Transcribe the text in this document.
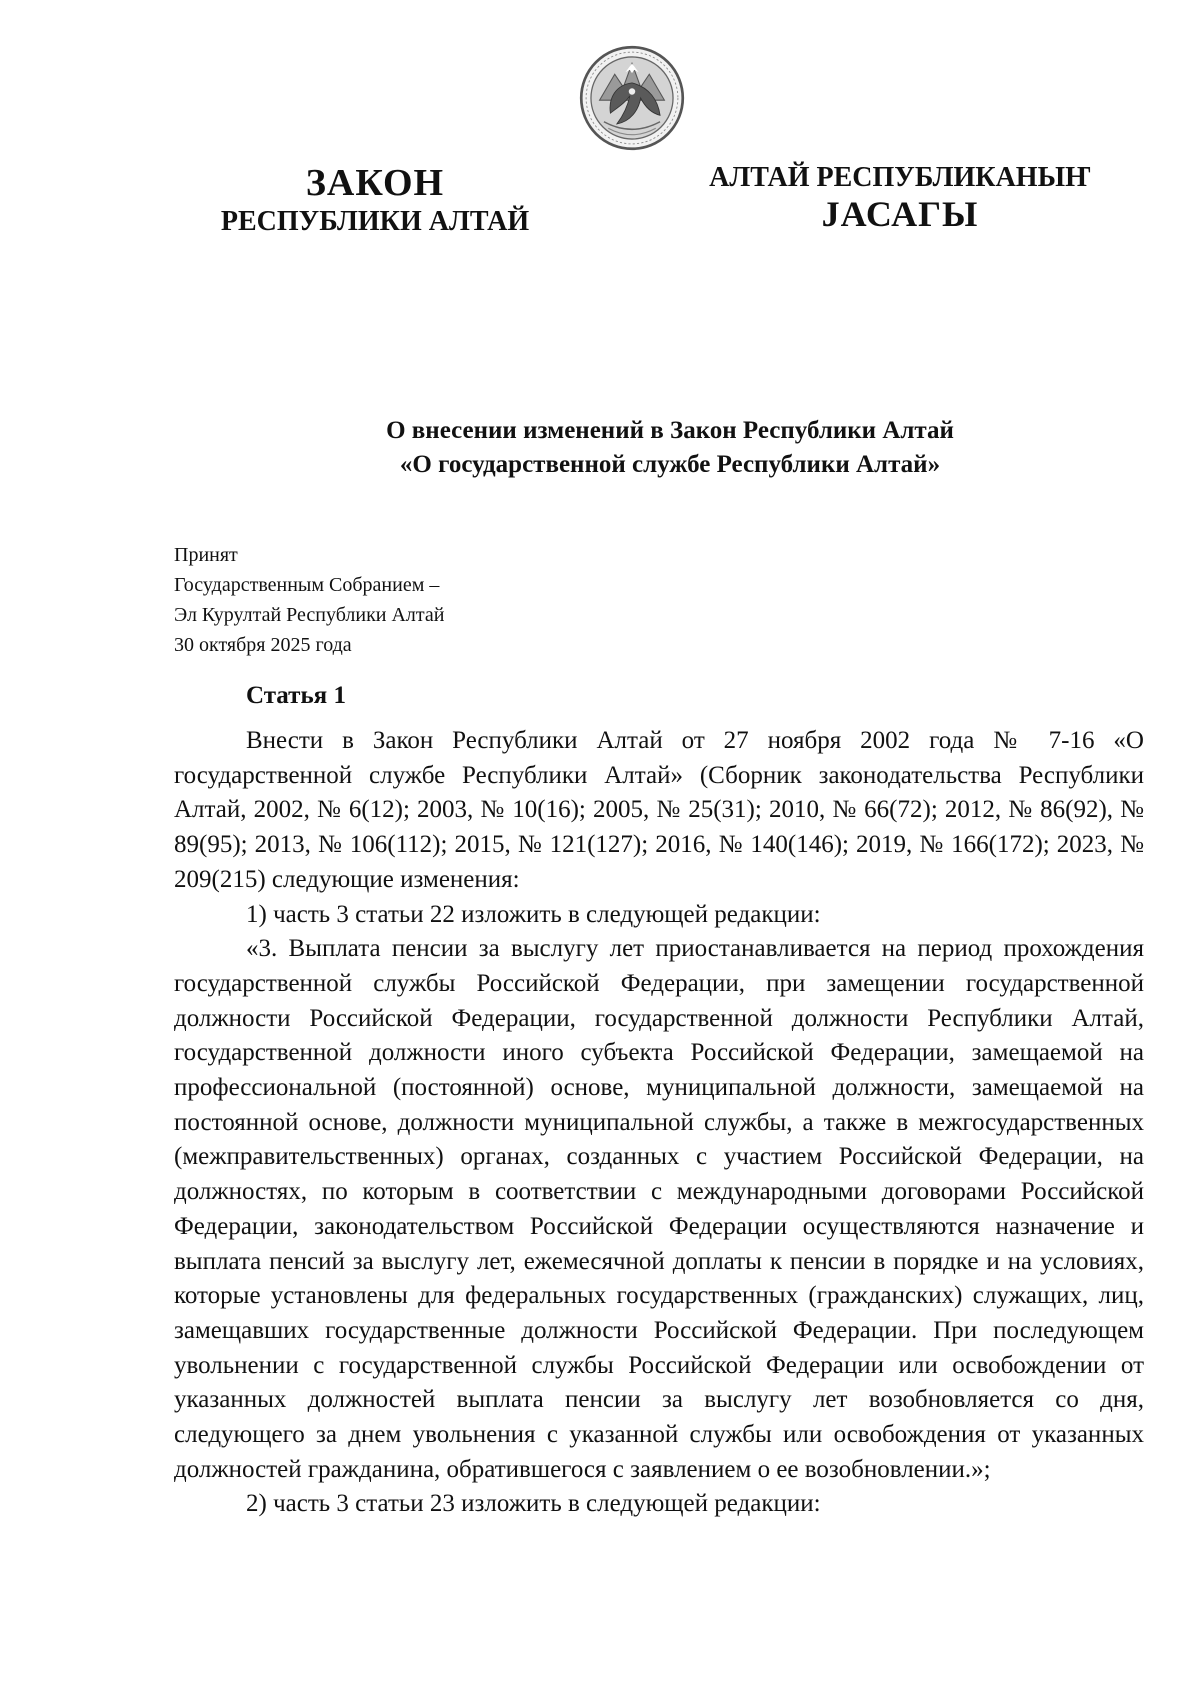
ЗАКОН
РЕСПУБЛИКИ АЛТАЙ
АЛТАЙ РЕСПУБЛИКАНЫҤ
JАСАГЫ
О внесении изменений в Закон Республики Алтай
«О государственной службе Республики Алтай»
Принят
Государственным Собранием –
Эл Курултай Республики Алтай
30 октября 2025 года
Статья 1

Внести в Закон Республики Алтай от 27 ноября 2002 года № 7-16 «О государственной службе Республики Алтай» (Сборник законодательства Республики Алтай, 2002, № 6(12); 2003, № 10(16); 2005, № 25(31); 2010, № 66(72); 2012, № 86(92), № 89(95); 2013, № 106(112); 2015, № 121(127); 2016, № 140(146); 2019, № 166(172); 2023, № 209(215) следующие изменения:

1) часть 3 статьи 22 изложить в следующей редакции:

«3. Выплата пенсии за выслугу лет приостанавливается на период прохождения государственной службы Российской Федерации, при замещении государственной должности Российской Федерации, государственной должности Республики Алтай, государственной должности иного субъекта Российской Федерации, замещаемой на профессиональной (постоянной) основе, муниципальной должности, замещаемой на постоянной основе, должности муниципальной службы, а также в межгосударственных (межправительственных) органах, созданных с участием Российской Федерации, на должностях, по которым в соответствии с международными договорами Российской Федерации, законодательством Российской Федерации осуществляются назначение и выплата пенсий за выслугу лет, ежемесячной доплаты к пенсии в порядке и на условиях, которые установлены для федеральных государственных (гражданских) служащих, лиц, замещавших государственные должности Российской Федерации. При последующем увольнении с государственной службы Российской Федерации или освобождении от указанных должностей выплата пенсии за выслугу лет возобновляется со дня, следующего за днем увольнения с указанной службы или освобождения от указанных должностей гражданина, обратившегося с заявлением о ее возобновлении.»;

2) часть 3 статьи 23 изложить в следующей редакции:
